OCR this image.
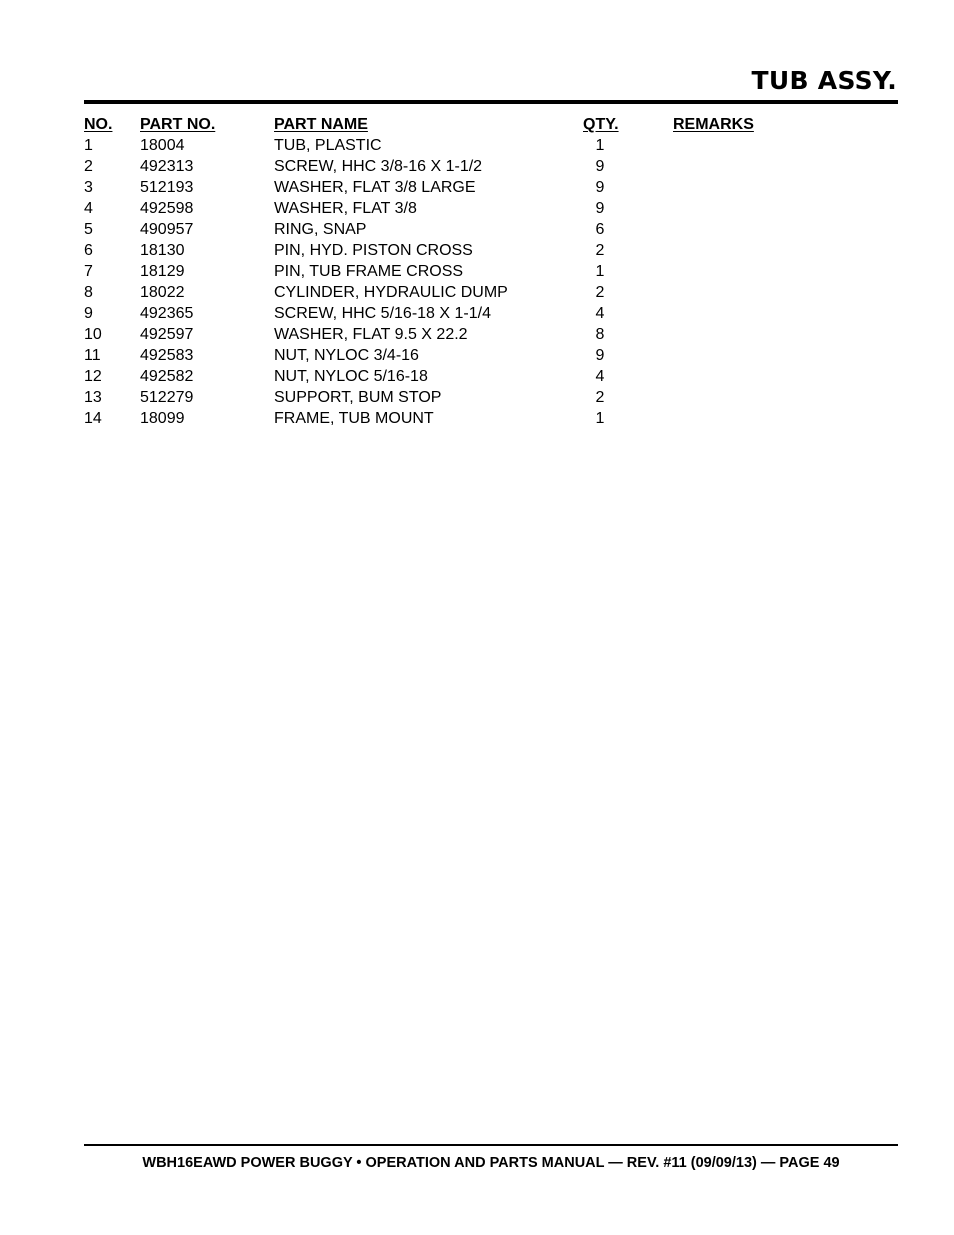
TUB ASSY.
NO. PART NO.	PART NAME	QTY.	REMARKS
1	18004	TUB, PLASTIC	1
2	492313	SCREW, HHC 3/8-16 X 1-1/2	9
3	512193	WASHER, FLAT 3/8 LARGE	9
4	492598	WASHER, FLAT 3/8	9
5	490957	RING, SNAP	6
6	18130	PIN, HYD. PISTON CROSS	2
7	18129	PIN, TUB FRAME CROSS	1
8	18022	CYLINDER, HYDRAULIC DUMP	2
9	492365	SCREW, HHC 5/16-18 X 1-1/4	4
10 492597	WASHER, FLAT 9.5 X 22.2	8
11 492583	NUT, NYLOC 3/4-16	9
12 492582	NUT, NYLOC 5/16-18	4
13 512279	SUPPORT, BUM STOP	2
14 18099	FRAME, TUB MOUNT	1
WBH16EAWD POWER BUGGY • OPERATION AND PARTS MANUAL — REV. #11 (09/09/13) — PAGE 49
